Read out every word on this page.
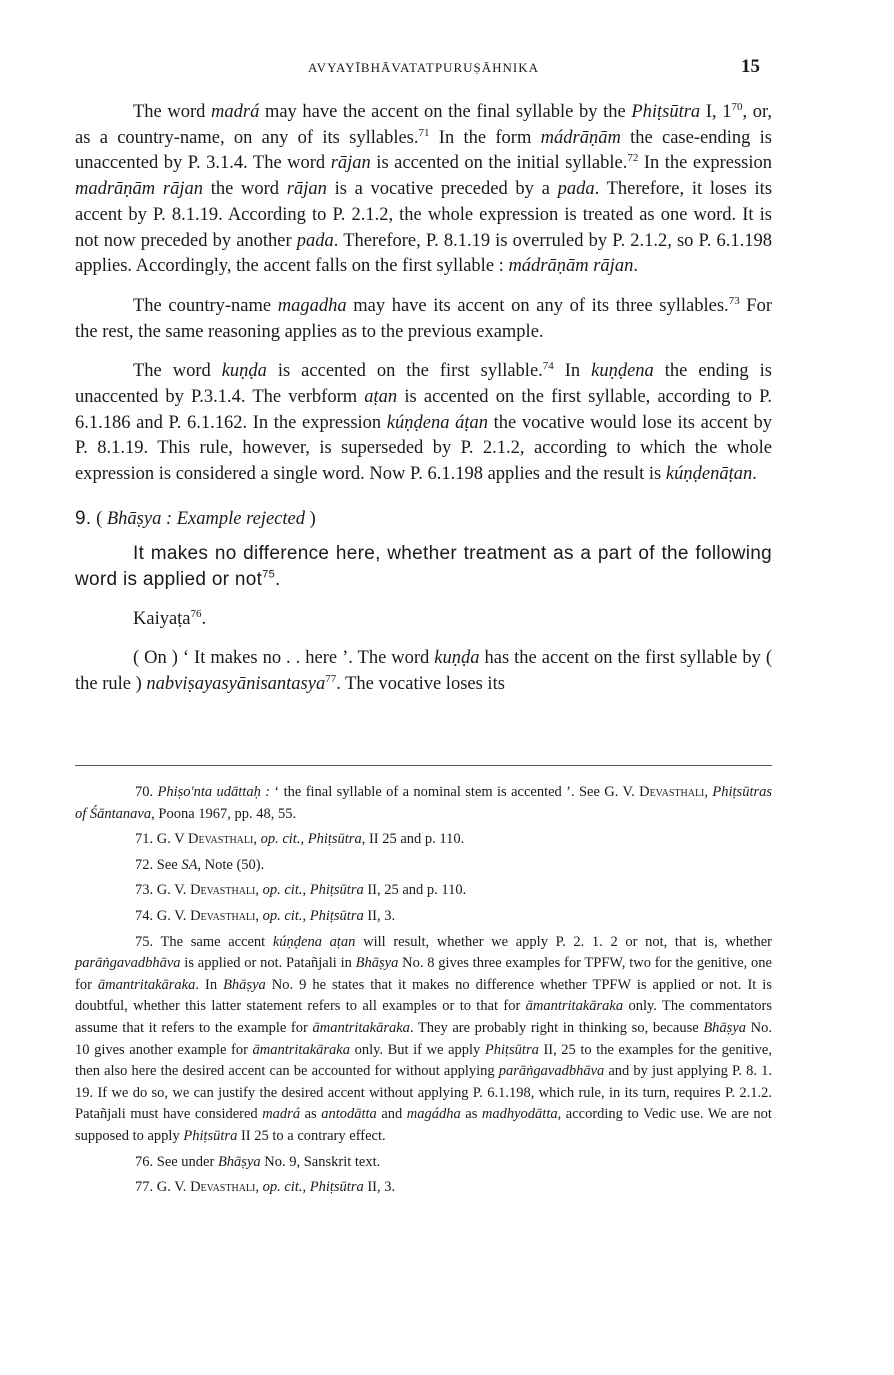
AVYAYĪBHĀVATATPURUṢĀHNIKA	15

The word madrá may have the accent on the final syllable by the Phiṭsūtra I, $1^{70}$, or, as a country-name, on any of its syllables.$^{71}$ In the form mádrāṇām the case-ending is unaccented by P. 3.1.4. The word rājan is accented on the initial syllable.$^{72}$ In the expression madrāṇām rājan the word rājan is a vocative preceded by a pada. Therefore, it loses its accent by P. 8.1.19. According to P. 2.1.2, the whole expression is treated as one word. It is not now preceded by another pada. Therefore, P. 8.1.19 is overruled by P. 2.1.2, so P. 6.1.198 applies. Accordingly, the accent falls on the first syllable : mádrāṇām rājan.

The country-name magadha may have its accent on any of its three syllables.$^{73}$ For the rest, the same reasoning applies as to the previous example.

The word kuṇḍa is accented on the first syllable.$^{74}$ In kuṇḍena the ending is unaccented by P.3.1.4. The verbform aṭan is accented on the first syllable, according to P. 6.1.186 and P. 6.1.162. In the expression kúṇḍena áṭan the vocative would lose its accent by P. 8.1.19. This rule, however, is superseded by P. 2.1.2, according to which the whole expression is considered a single word. Now P. 6.1.198 applies and the result is kúṇḍenāṭan.

9. ( Bhāṣya : Example rejected )

It makes no difference here, whether treatment as a part of the following word is applied or not$^{75}$.

Kaiyaṭa$^{76}$.

( On ) ‘ It makes no . . here ’. The word kuṇḍa has the accent on the first syllable by ( the rule ) nabviṣayasyānisantasya$^{77}$. The vocative loses its

70. Phiṣo'nta udāttaḥ : ‘ the final syllable of a nominal stem is accented ’. See G. V. Devasthali, Phiṭsūtras of Śāntanava, Poona 1967, pp. 48, 55.

71. G. V Devasthali, op. cit., Phiṭsūtra, II 25 and p. 110.

72. See SA, Note (50).

73. G. V. Devasthali, op. cit., Phiṭsūtra II, 25 and p. 110.

74. G. V. Devasthali, op. cit., Phiṭsūtra II, 3.

75. The same accent kúṇḍena aṭan will result, whether we apply P. 2. 1. 2 or not, that is, whether parāṅgavadbhāva is applied or not. Patañjali in Bhāṣya No. 8 gives three examples for TPFW, two for the genitive, one for āmantritakāraka. In Bhāṣya No. 9 he states that it makes no difference whether TPFW is applied or not. It is doubtful, whether this latter statement refers to all examples or to that for āmantritakāraka only. The commentators assume that it refers to the example for āmantritakāraka. They are probably right in thinking so, because Bhāṣya No. 10 gives another example for āmantritakāraka only. But if we apply Phiṭsūtra II, 25 to the examples for the genitive, then also here the desired accent can be accounted for without applying parāṅgavadbhāva and by just applying P. 8. 1. 19. If we do so, we can justify the desired accent without applying P. 6.1.198, which rule, in its turn, requires P. 2.1.2. Patañjali must have considered madrá as antodātta and magádha as madhyodātta, according to Vedic use. We are not supposed to apply Phiṭsūtra II 25 to a contrary effect.

76. See under Bhāṣya No. 9, Sanskrit text.

77. G. V. Devasthali, op. cit., Phiṭsūtra II, 3.
